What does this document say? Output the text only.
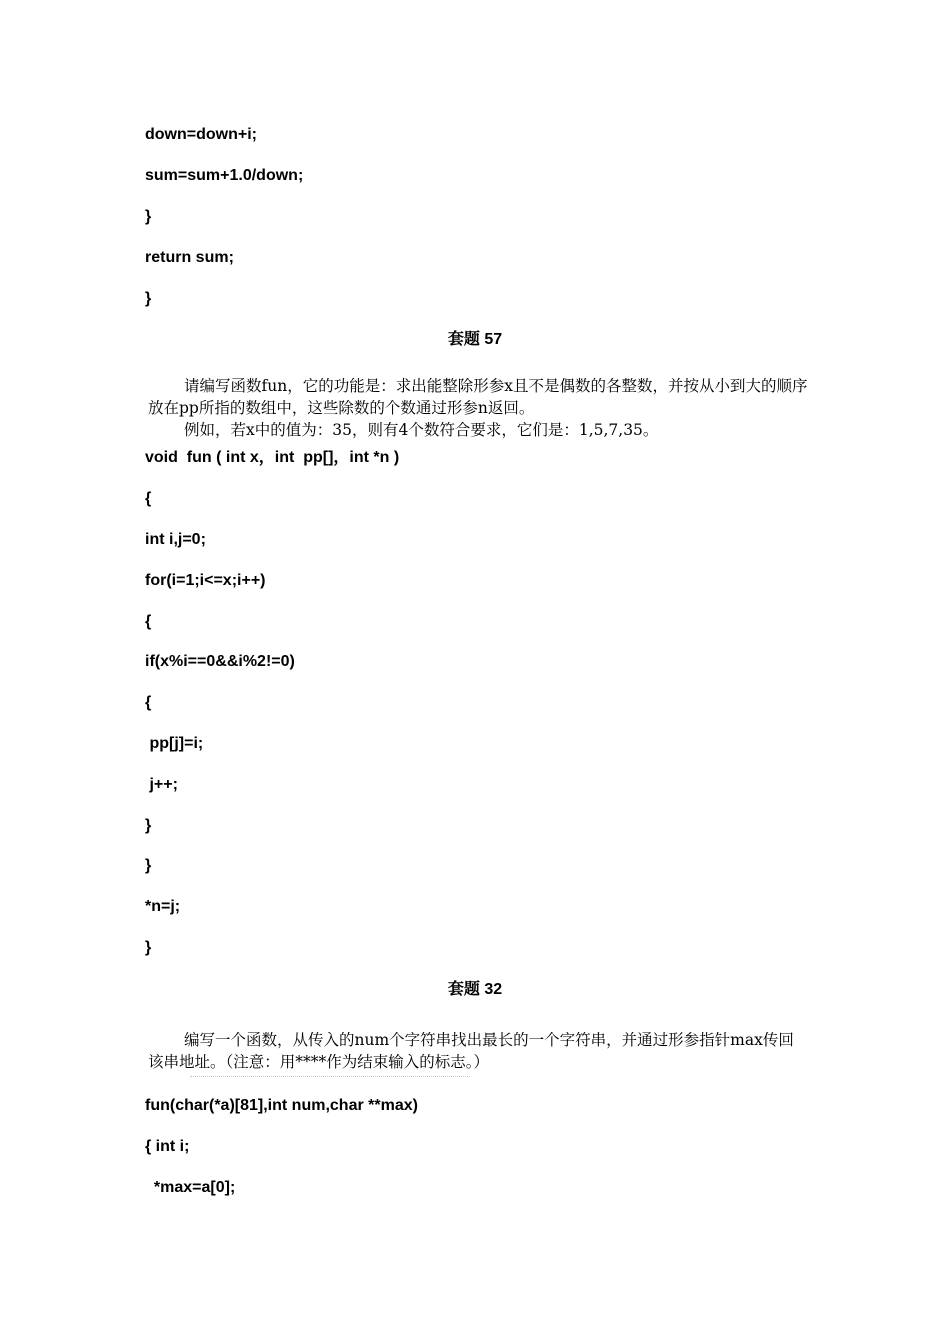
down=down+i;

sum=sum+1.0/down;

}

return sum;

}

套题 57
请编写函数fun，它的功能是：求出能整除形参x且不是偶数的各整数，并按从小到大的顺序放在pp所指的数组中，这些除数的个数通过形参n返回。
例如，若x中的值为：35，则有4个数符合要求，它们是：1,5,7,35。

void  fun ( int x，int  pp[]，int *n )

{

int i,j=0;

for(i=1;i<=x;i++)

{

if(x%i==0&&i%2!=0)

{

pp[j]=i;

j++;

}

}

*n=j;

}

套题 32
编写一个函数，从传入的num个字符串找出最长的一个字符串，并通过形参指针max传回该串地址。（注意：用****作为结束输入的标志。）

fun(char(*a)[81],int num,char **max)

{ int i;

*max=a[0];
